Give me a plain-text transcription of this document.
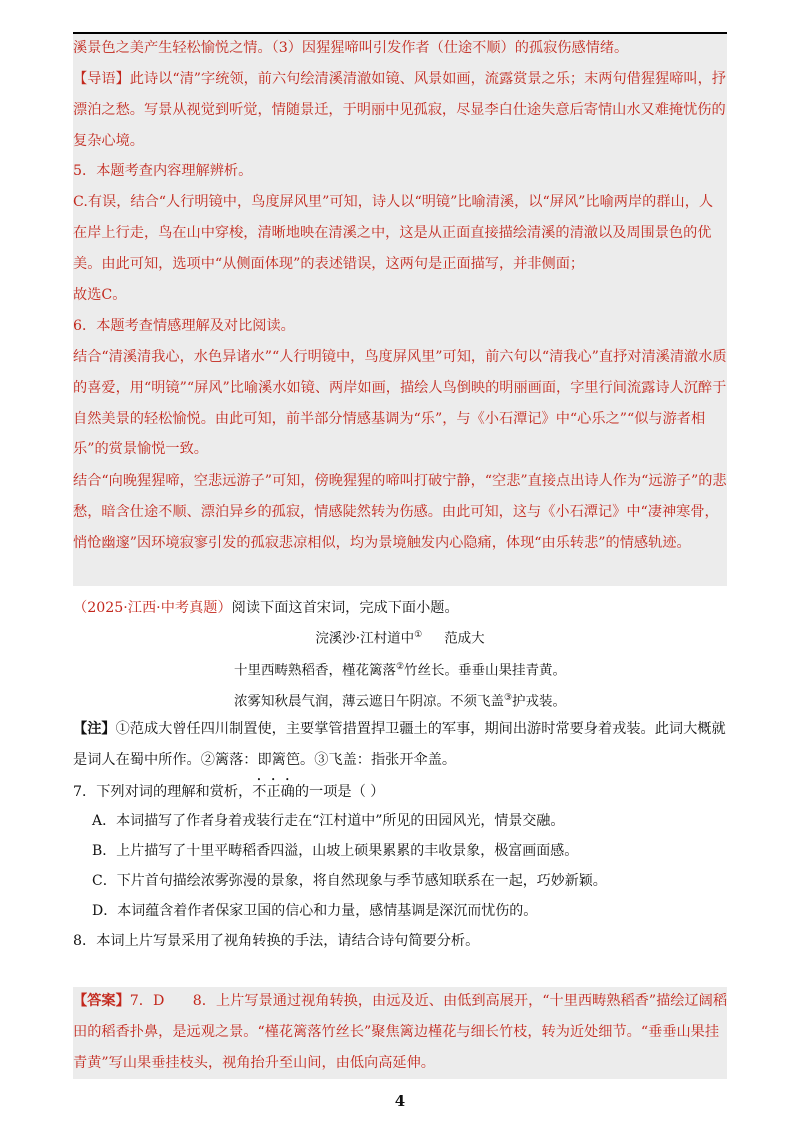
溪景色之美产生轻松愉悦之情。（3）因猩猩啼叫引发作者（仕途不顺）的孤寂伤感情绪。
【导语】此诗以“清”字统领，前六句绘清溪清澈如镜、风景如画，流露赏景之乐；末两句借猩猩啼叫，抒漂泊之愁。写景从视觉到听觉，情随景迁，于明丽中见孤寂，尽显李白仕途失意后寄情山水又难掩忧伤的复杂心境。
5．本题考查内容理解辨析。
C.有误，结合“人行明镜中，鸟度屏风里”可知，诗人以“明镜”比喻清溪，以“屏风”比喻两岸的群山，人在岸上行走，鸟在山中穿梭，清晰地映在清溪之中，这是从正面直接描绘清溪的清澈以及周围景色的优美。由此可知，选项中“从侧面体现”的表述错误，这两句是正面描写，并非侧面；
故选C。
6．本题考查情感理解及对比阅读。
结合“清溪清我心，水色异诸水”“人行明镜中，鸟度屏风里”可知，前六句以“清我心”直抒对清溪清澈水质的喜爱，用“明镜”“屏风”比喻溪水如镜、两岸如画，描绘人鸟倒映的明丽画面，字里行间流露诗人沉醉于自然美景的轻松愉悦。由此可知，前半部分情感基调为“乐”，与《小石潭记》中“心乐之”“似与游者相乐”的赏景愉悦一致。
结合“向晚猩猩啼，空悲远游子”可知，傍晚猩猩的啼叫打破宁静，“空悲”直接点出诗人作为“远游子”的悲愁，暗含仕途不顺、漂泊异乡的孤寂，情感陡然转为伤感。由此可知，这与《小石潭记》中“凄神寒骨，悄怆幽邃”因环境寂寥引发的孤寂悲凉相似，均为景境触发内心隐痛，体现“由乐转悲”的情感轨迹。
（2025·江西·中考真题）阅读下面这首宋词，完成下面小题。
浣溪沙·江村道中① 范成大
十里西畴熟稻香，槿花篱落②竹丝长。垂垂山果挂青黄。
浓雾知秋晨气润，薄云遮日午阴凉。不须飞盖③护戎装。
【注】①范成大曾任四川制置使，主要掌管措置捍卫疆土的军事，期间出游时常要身着戎装。此词大概就是词人在蜀中所作。②篱落：即篱笆。③飞盖：指张开伞盖。
7．下列对词的理解和赏析，不正确的一项是（ ）
A．本词描写了作者身着戎装行走在“江村道中”所见的田园风光，情景交融。
B．上片描写了十里平畴稻香四溢，山坡上硕果累累的丰收景象，极富画面感。
C．下片首句描绘浓雾弥漫的景象，将自然现象与季节感知联系在一起，巧妙新颖。
D．本词蕴含着作者保家卫国的信心和力量，感情基调是深沉而忧伤的。
8．本词上片写景采用了视角转换的手法，请结合诗句简要分析。
【答案】7．D　　8．上片写景通过视角转换，由远及近、由低到高展开，“十里西畴熟稻香”描绘辽阔稻田的稻香扑鼻，是远观之景。“槿花篱落竹丝长”聚焦篱边槿花与细长竹枝，转为近处细节。“垂垂山果挂青黄”写山果垂挂枝头，视角抬升至山间，由低向高延伸。
4
